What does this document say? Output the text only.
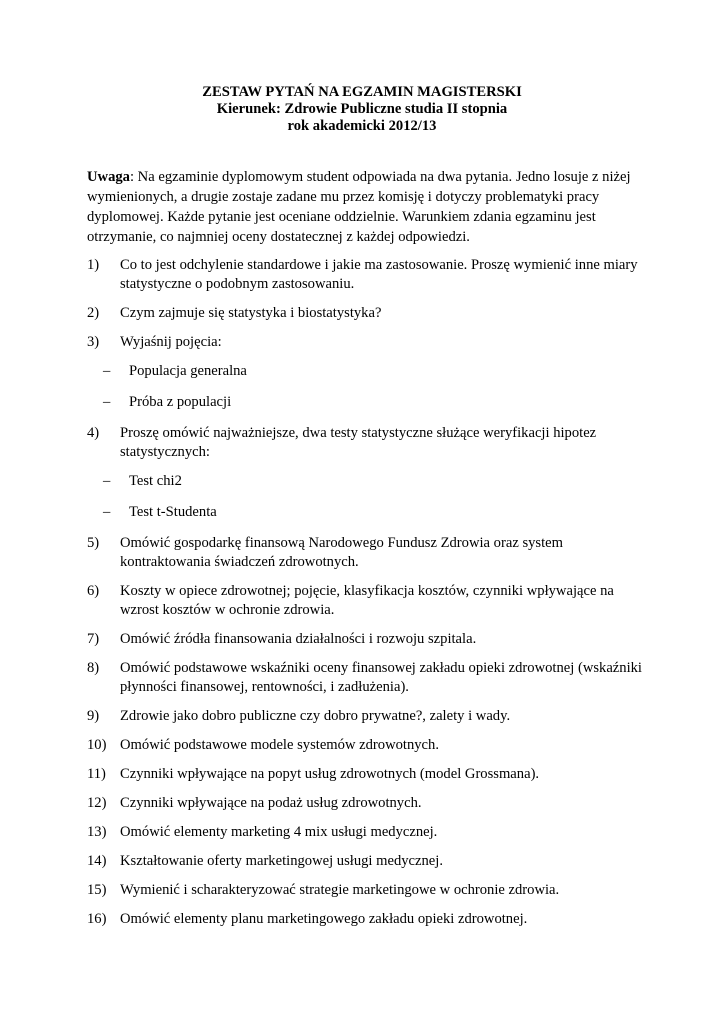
ZESTAW PYTAŃ NA EGZAMIN MAGISTERSKI
Kierunek: Zdrowie Publiczne studia II stopnia
rok akademicki 2012/13
Uwaga: Na egzaminie dyplomowym student odpowiada na dwa pytania. Jedno losuje z niżej wymienionych, a drugie zostaje zadane mu przez komisję i dotyczy problematyki pracy dyplomowej. Każde pytanie jest oceniane oddzielnie. Warunkiem zdania egzaminu jest otrzymanie, co najmniej oceny dostatecznej z każdej odpowiedzi.
1)	Co to jest odchylenie standardowe i jakie ma zastosowanie. Proszę wymienić inne miary statystyczne o podobnym zastosowaniu.
2)	Czym zajmuje się statystyka i biostatystyka?
3)	Wyjaśnij pojęcia:
– Populacja generalna
– Próba z populacji
4)	Proszę omówić najważniejsze, dwa testy statystyczne służące weryfikacji hipotez statystycznych:
– Test chi2
– Test t-Studenta
5)	Omówić gospodarkę finansową Narodowego Fundusz Zdrowia oraz system kontraktowania świadczeń zdrowotnych.
6)	Koszty w opiece zdrowotnej; pojęcie, klasyfikacja kosztów, czynniki wpływające na wzrost kosztów w ochronie zdrowia.
7)	Omówić źródła finansowania działalności i rozwoju szpitala.
8)	Omówić podstawowe wskaźniki oceny finansowej zakładu opieki zdrowotnej (wskaźniki płynności finansowej, rentowności, i zadłużenia).
9)	Zdrowie jako dobro publiczne czy dobro prywatne?, zalety i wady.
10) Omówić podstawowe modele systemów zdrowotnych.
11) Czynniki wpływające na popyt usług zdrowotnych (model Grossmana).
12) Czynniki wpływające na podaż usług zdrowotnych.
13) Omówić elementy marketing 4 mix usługi medycznej.
14) Kształtowanie oferty marketingowej usługi medycznej.
15) Wymienić i scharakteryzować strategie marketingowe w ochronie zdrowia.
16) Omówić elementy planu marketingowego zakładu opieki zdrowotnej.
